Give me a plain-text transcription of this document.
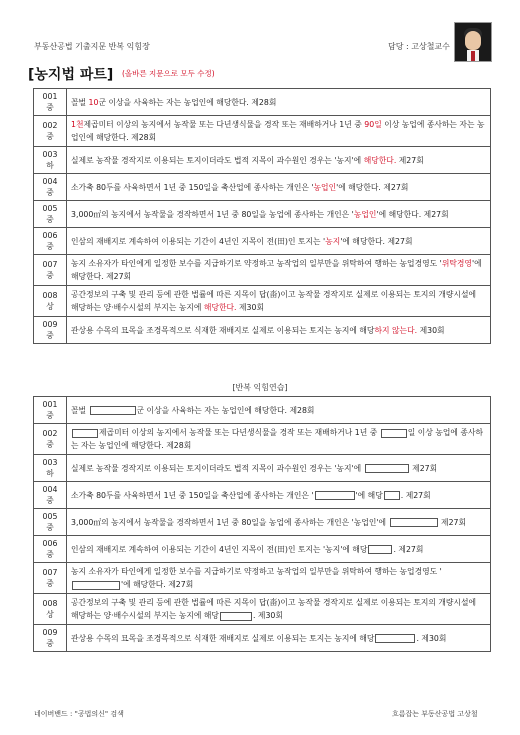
부동산공법 기출지문 반복 익힘장	담당 : 고상철교수
[농지법 파트] (올바른 지문으로 모두 수정)
001
중	꼴벌 10군 이상을 사육하는 자는 농업인에 해당한다. 제28회

002
중	1천제곱미터 이상의 농지에서 농작물 또는 다년생식물을 경작 또는 재배하거나 1년 중 90일 이상 농업에 종사하는 자는 농업인에 해당한다. 제28회

003
하	실제로 농작물 경작지로 이용되는 토지이더라도 법적 지목이 과수원인 경우는 '농지'에 해당한다. 제27회

004
중	소가축 80두를 사육하면서 1년 중 150일을 축산업에 종사하는 개인은 '농업인'에 해당한다. 제27회

005
중	3,000㎡의 농지에서 농작물을 경작하면서 1년 중 80일을 농업에 종사하는 개인은 '농업인'에 해당한다. 제27회

006
중	인삼의 재배지로 계속하여 이용되는 기간이 4년인 지목이 전(田)인 토지는 '농지'에 해당한다. 제27회

007
중	농지 소유자가 타인에게 일정한 보수를 지급하기로 약정하고 농작업의 일부만을 위탁하여 행하는 농업경영도 '위탁경영'에 해당한다. 제27회

008
상	공간정보의 구축 및 관리 등에 관한 법률에 따른 지목이 답(畓)이고 농작물 경작지로 실제로 이용되는 토지의 개량시설에 해당하는 양·배수시설의 부지는 농지에 해당한다. 제30회

009
중	관상용 수목의 묘목을 조경목적으로 식재한 재배지로 실제로 이용되는 토지는 농지에 해당하지 않는다. 제30회
[반복 익힘연습]
001
중	꼴벌 군 이상을 사육하는 자는 농업인에 해당한다. 제28회

002
중	제곱미터 이상의 농지에서 농작물 또는 다년생식물을 경작 또는 재배하거나 1년 중 일 이상 농업에 종사하는 자는 농업인에 해당한다. 제28회

003
하	실제로 농작물 경작지로 이용되는 토지이더라도 법적 지목이 과수원인 경우는 '농지'에 제27회

004
중	소가축 80두를 사육하면서 1년 중 150일을 축산업에 종사하는 개인은 ' '에 해당 . 제27회

005
중	3,000㎡의 농지에서 농작물을 경작하면서 1년 중 80일을 농업에 종사하는 개인은 '농업인'에 제27회

006
중	인삼의 재배지로 계속하여 이용되는 기간이 4년인 지목이 전(田)인 토지는 '농지'에 해당 . 제27회

007
중	농지 소유자가 타인에게 일정한 보수를 지급하기로 약정하고 농작업의 일부만을 위탁하여 행하는 농업경영도 ''에 해당한다. 제27회

008
상	공간정보의 구축 및 관리 등에 관한 법률에 따른 지목이 답(畓)이고 농작물 경작지로 실제로 이용되는 토지의 개량시설에 해당하는 양·배수시설의 부지는 농지에 해당 . 제30회

009
중	관상용 수목의 묘목을 조경목적으로 식재한 재배지로 실제로 이용되는 토지는 농지에 해당 . 제30회
네이버밴드 : "공법의신" 검색	흐름잡는 부동산공법 고상철
